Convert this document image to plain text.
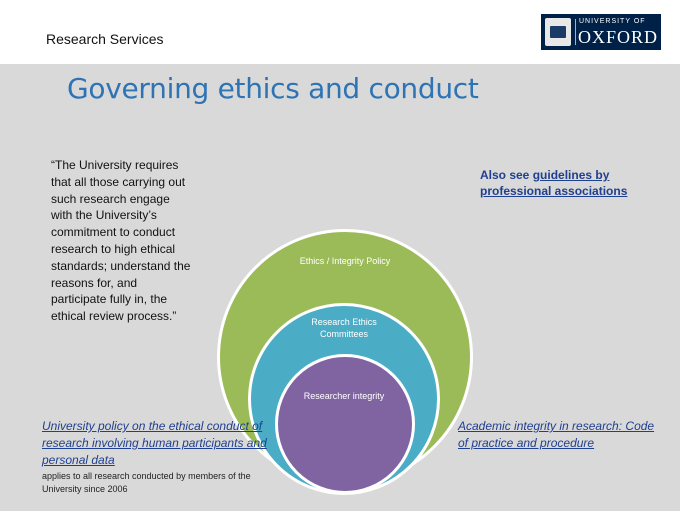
Research Services
UNIVERSITY OF
OXFORD
Governing ethics and conduct
“The University requires that all those carrying out such research engage with the University’s commitment to conduct research to high ethical standards; understand the reasons for, and participate fully in, the ethical review process.”
Ethics / Integrity Policy
Research Ethics Committees
Researcher integrity
Also see guidelines by professional associations
University policy on the ethical conduct of research involving human participants and personal data
applies to all research conducted by members of the University since 2006
Academic integrity in research: Code of practice and procedure
